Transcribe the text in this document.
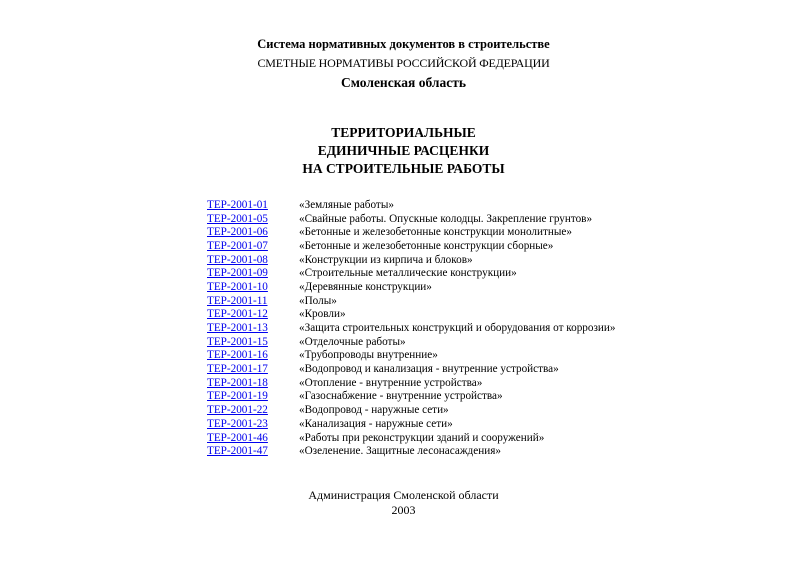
Система нормативных документов в строительстве
СМЕТНЫЕ НОРМАТИВЫ РОССИЙСКОЙ ФЕДЕРАЦИИ
Смоленская область
ТЕРРИТОРИАЛЬНЫЕ
ЕДИНИЧНЫЕ РАСЦЕНКИ
НА СТРОИТЕЛЬНЫЕ РАБОТЫ
ТЕР-2001-01	«Земляные работы»
ТЕР-2001-05	«Свайные работы. Опускные колодцы. Закрепление грунтов»
ТЕР-2001-06	«Бетонные и железобетонные конструкции монолитные»
ТЕР-2001-07	«Бетонные и железобетонные конструкции сборные»
ТЕР-2001-08	«Конструкции из кирпича и блоков»
ТЕР-2001-09	«Строительные металлические конструкции»
ТЕР-2001-10	«Деревянные конструкции»
ТЕР-2001-11	«Полы»
ТЕР-2001-12	«Кровли»
ТЕР-2001-13	«Защита строительных конструкций и оборудования от коррозии»
ТЕР-2001-15	«Отделочные работы»
ТЕР-2001-16	«Трубопроводы внутренние»
ТЕР-2001-17	«Водопровод и канализация - внутренние устройства»
ТЕР-2001-18	«Отопление - внутренние устройства»
ТЕР-2001-19	«Газоснабжение - внутренние устройства»
ТЕР-2001-22	«Водопровод - наружные сети»
ТЕР-2001-23	«Канализация - наружные сети»
ТЕР-2001-46	«Работы при реконструкции зданий и сооружений»
ТЕР-2001-47	«Озеленение. Защитные лесонасаждения»
Администрация Смоленской области
2003
